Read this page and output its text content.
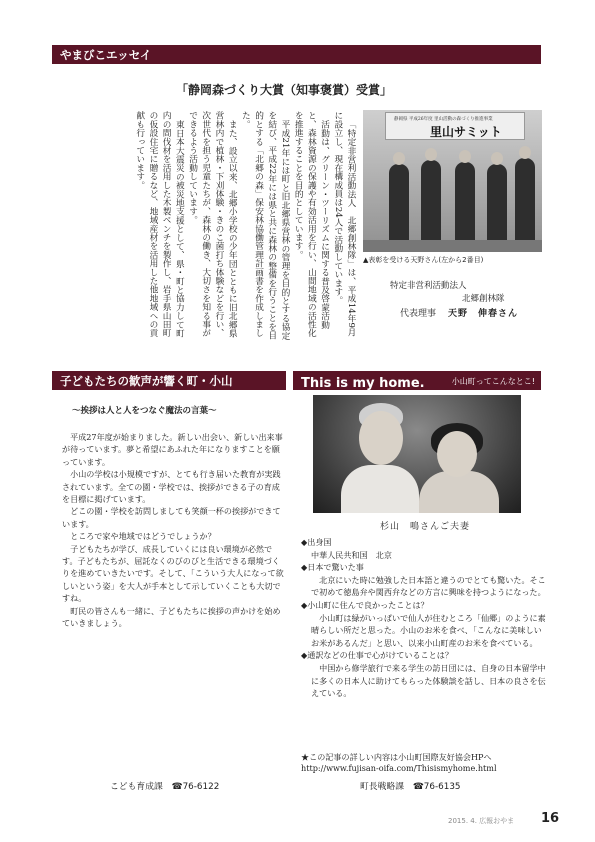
やまびこエッセイ
「静岡森づくり大賞（知事褒賞）受賞」

「特定非営利活動法人　北郷創林隊」は、平成14年9月に設立し、現在構成員は24人で活動しています。

活動は、グリーン・ツーリズムに関する普及啓蒙活動と、森林資源の保護や有効活用を行い、山間地域の活性化を推進することを目的としています。

平成21年には町と旧北郷県営林の管理を目的とする協定を結び、平成22年には県と共に森林の整備を行うことを目的とする「北郷の森」保安林協働管理計画書を作成しました。

また、設立以来、北郷小学校の少年団とともに旧北郷県営林内で植林・下刈体験・きのこ菌打ち体験などを行い、次世代を担う児童たちが、森林の働き、大切さを知る事ができるよう活動しています。

東日本大震災の被災地支援として、県・町と協力して町内の間伐材を活用した木製ベンチを製作し、岩手県山田町の仮設住宅に贈るなど、地域産材を活用した他地域への貢献も行っています。	静岡県 平成26年度 里山活動の森づくり推進事業
里山サミット
▲表彰を受ける天野さん(左から2番目)
特定非営利活動法人
北郷創林隊
代表理事 天野　伸春さん
子どもたちの歓声が響く町・小山
～挨拶は人と人をつなぐ魔法の言葉～

平成27年度が始まりました。新しい出会い、新しい出来事が待っています。夢と希望にあふれた年になりますことを願っています。

小山の学校は小規模ですが、とても行き届いた教育が実践されています。全ての園・学校では、挨拶ができる子の育成を目標に掲げています。

どこの園・学校を訪問しましても笑顔一杯の挨拶ができています。

ところで家や地域ではどうでしょうか？

子どもたちが学び、成長していくには良い環境が必然です。子どもたちが、屈託なくのびのびと生活できる環境づくりを進めていきたいです。そして、「こういう大人になって欲しいという姿」を大人が手本として示していくことも大切ですね。

町民の皆さんも一緒に、子どもたちに挨拶の声かけを始めていきましょう。

こども育成課　 ☎76-6122
This is my home.	小山町ってこんなとこ!
杉山　鳴さんご夫妻
◆出身国
中華人民共和国　北京
◆日本で驚いた事
北京にいた時に勉強した日本語と違うのでとても驚いた。そこで初めて徳島弁や関西弁などの方言に興味を持つようになった。
◆小山町に住んで良かったことは？
小山町は緑がいっぱいで仙人が住むところ「仙郷」のように素晴らしい所だと思った。小山のお米を食べ、「こんなに美味しいお米があるんだ」と思い、以来小山町産のお米を食べている。
◆通訳などの仕事で心がけていることは？
中国から修学旅行で来る学生の訪日団には、自身の日本留学中に多くの日本人に助けてもらった体験談を話し、日本の良さを伝えている。
★この記事の詳しい内容は小山町国際友好協会HPへ
http://www.fujisan-oifa.com/Thisismyhome.html
町長戦略課　 ☎76-6135
2015. 4. 広報おやま 16
